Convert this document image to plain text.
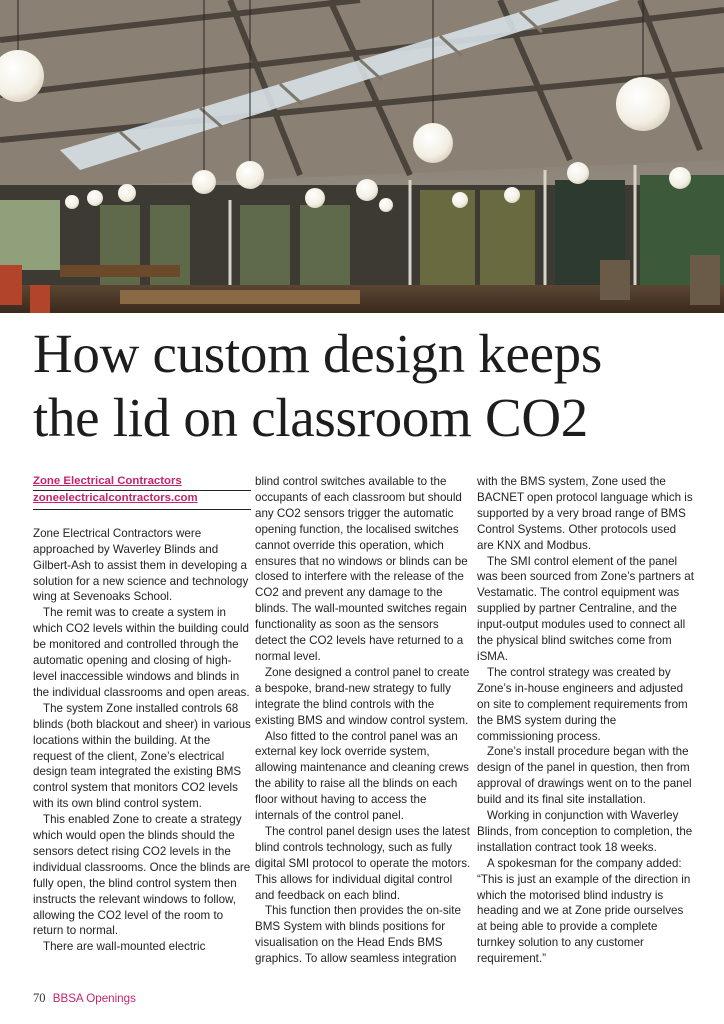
How custom design keeps
the lid on classroom CO2
Zone Electrical Contractors
zoneelectricalcontractors.com

Zone Electrical Contractors were approached by Waverley Blinds and Gilbert-Ash to assist them in developing a solution for a new science and technology wing at Sevenoaks School.

The remit was to create a system in which CO2 levels within the building could be monitored and controlled through the automatic opening and closing of high-level inaccessible windows and blinds in the individual classrooms and open areas.

The system Zone installed controls 68 blinds (both blackout and sheer) in various locations within the building. At the request of the client, Zone’s electrical design team integrated the existing BMS control system that monitors CO2 levels with its own blind control system.

This enabled Zone to create a strategy which would open the blinds should the sensors detect rising CO2 levels in the individual classrooms. Once the blinds are fully open, the blind control system then instructs the relevant windows to follow, allowing the CO2 level of the room to return to normal.

There are wall-mounted electric

blind control switches available to the occupants of each classroom but should any CO2 sensors trigger the automatic opening function, the localised switches cannot override this operation, which ensures that no windows or blinds can be closed to interfere with the release of the CO2 and prevent any damage to the blinds. The wall-mounted switches regain functionality as soon as the sensors detect the CO2 levels have returned to a normal level.

Zone designed a control panel to create a bespoke, brand-new strategy to fully integrate the blind controls with the existing BMS and window control system.

Also fitted to the control panel was an external key lock override system, allowing maintenance and cleaning crews the ability to raise all the blinds on each floor without having to access the internals of the control panel.

The control panel design uses the latest blind controls technology, such as fully digital SMI protocol to operate the motors. This allows for individual digital control and feedback on each blind.

This function then provides the on-site BMS System with blinds positions for visualisation on the Head Ends BMS graphics. To allow seamless integration

with the BMS system, Zone used the BACNET open protocol language which is supported by a very broad range of BMS Control Systems. Other protocols used are KNX and Modbus.

The SMI control element of the panel was been sourced from Zone’s partners at Vestamatic. The control equipment was supplied by partner Centraline, and the input-output modules used to connect all the physical blind switches come from iSMA.

The control strategy was created by Zone’s in-house engineers and adjusted on site to complement requirements from the BMS system during the commissioning process.

Zone’s install procedure began with the design of the panel in question, then from approval of drawings went on to the panel build and its final site installation.

Working in conjunction with Waverley Blinds, from conception to completion, the installation contract took 18 weeks.

A spokesman for the company added: “This is just an example of the direction in which the motorised blind industry is heading and we at Zone pride ourselves at being able to provide a complete turnkey solution to any customer requirement.”

70 BBSA Openings
